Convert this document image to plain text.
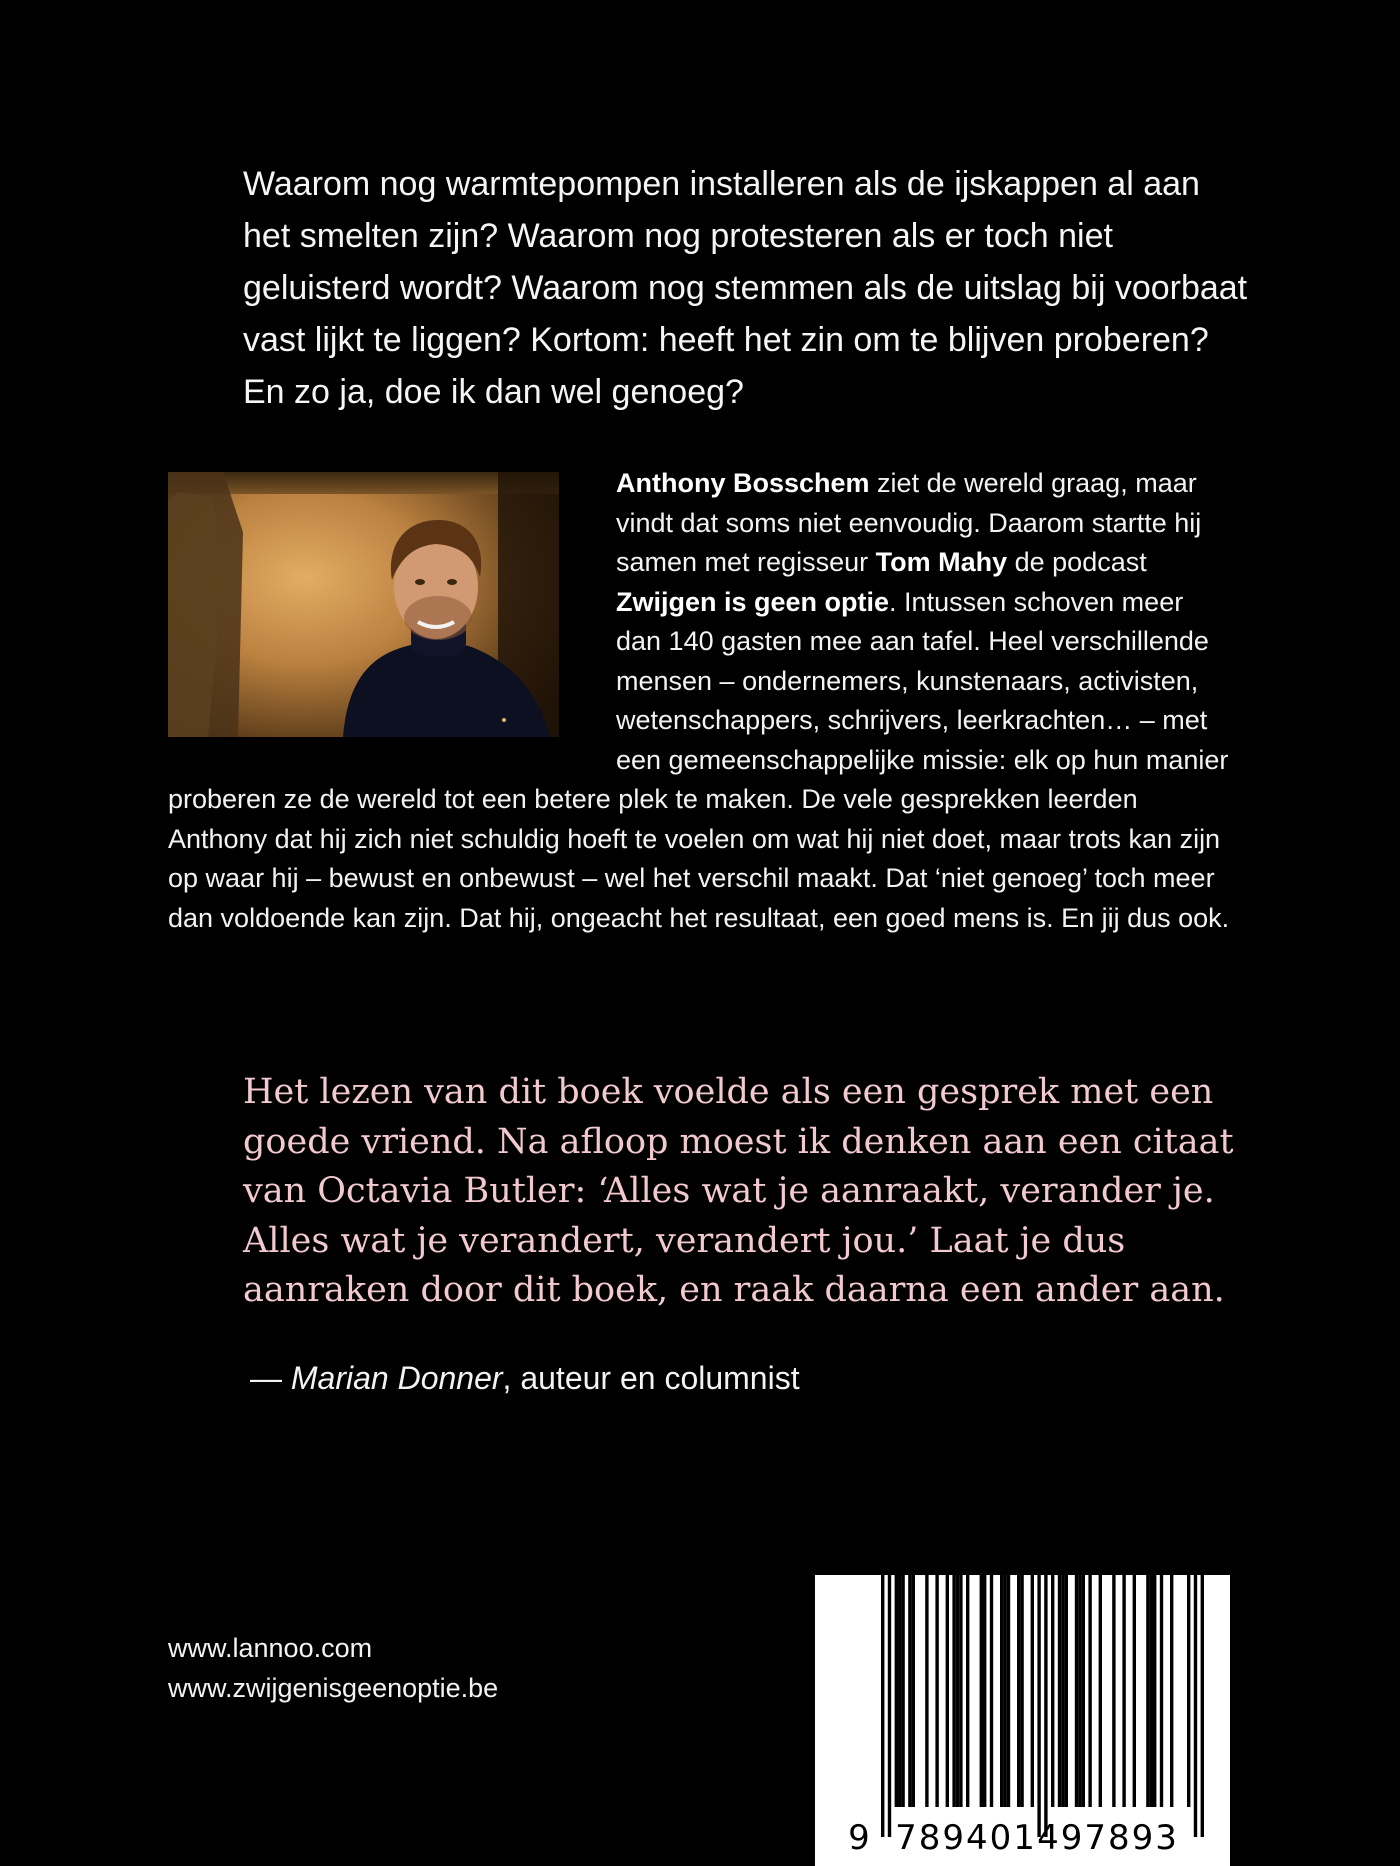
Waarom nog warmtepompen installeren als de ijskappen al aan het smelten zijn? Waarom nog protesteren als er toch niet geluisterd wordt? Waarom nog stemmen als de uitslag bij voorbaat vast lijkt te liggen? Kortom: heeft het zin om te blijven proberen? En zo ja, doe ik dan wel genoeg?

Anthony Bosschem ziet de wereld graag, maar vindt dat soms niet eenvoudig. Daarom startte hij samen met regisseur Tom Mahy de podcast Zwijgen is geen optie. Intussen schoven meer dan 140 gasten mee aan tafel. Heel verschillende mensen – ondernemers, kunstenaars, activisten, wetenschappers, schrijvers, leerkrachten… – met een gemeenschappelijke missie: elk op hun manier proberen ze de wereld tot een betere plek te maken. De vele gesprekken leerden Anthony dat hij zich niet schuldig hoeft te voelen om wat hij niet doet, maar trots kan zijn op waar hij – bewust en onbewust – wel het verschil maakt. Dat ‘niet genoeg’ toch meer dan voldoende kan zijn. Dat hij, ongeacht het resultaat, een goed mens is. En jij dus ook.

Het lezen van dit boek voelde als een gesprek met een goede vriend. Na afloop moest ik denken aan een citaat van Octavia Butler: ‘Alles wat je aanraakt, verander je. Alles wat je verandert, verandert jou.’ Laat je dus aanraken door dit boek, en raak daarna een ander aan.

— Marian Donner, auteur en columnist

www.lannoo.com
www.zwijgenisgeenoptie.be
9 789401 497893
